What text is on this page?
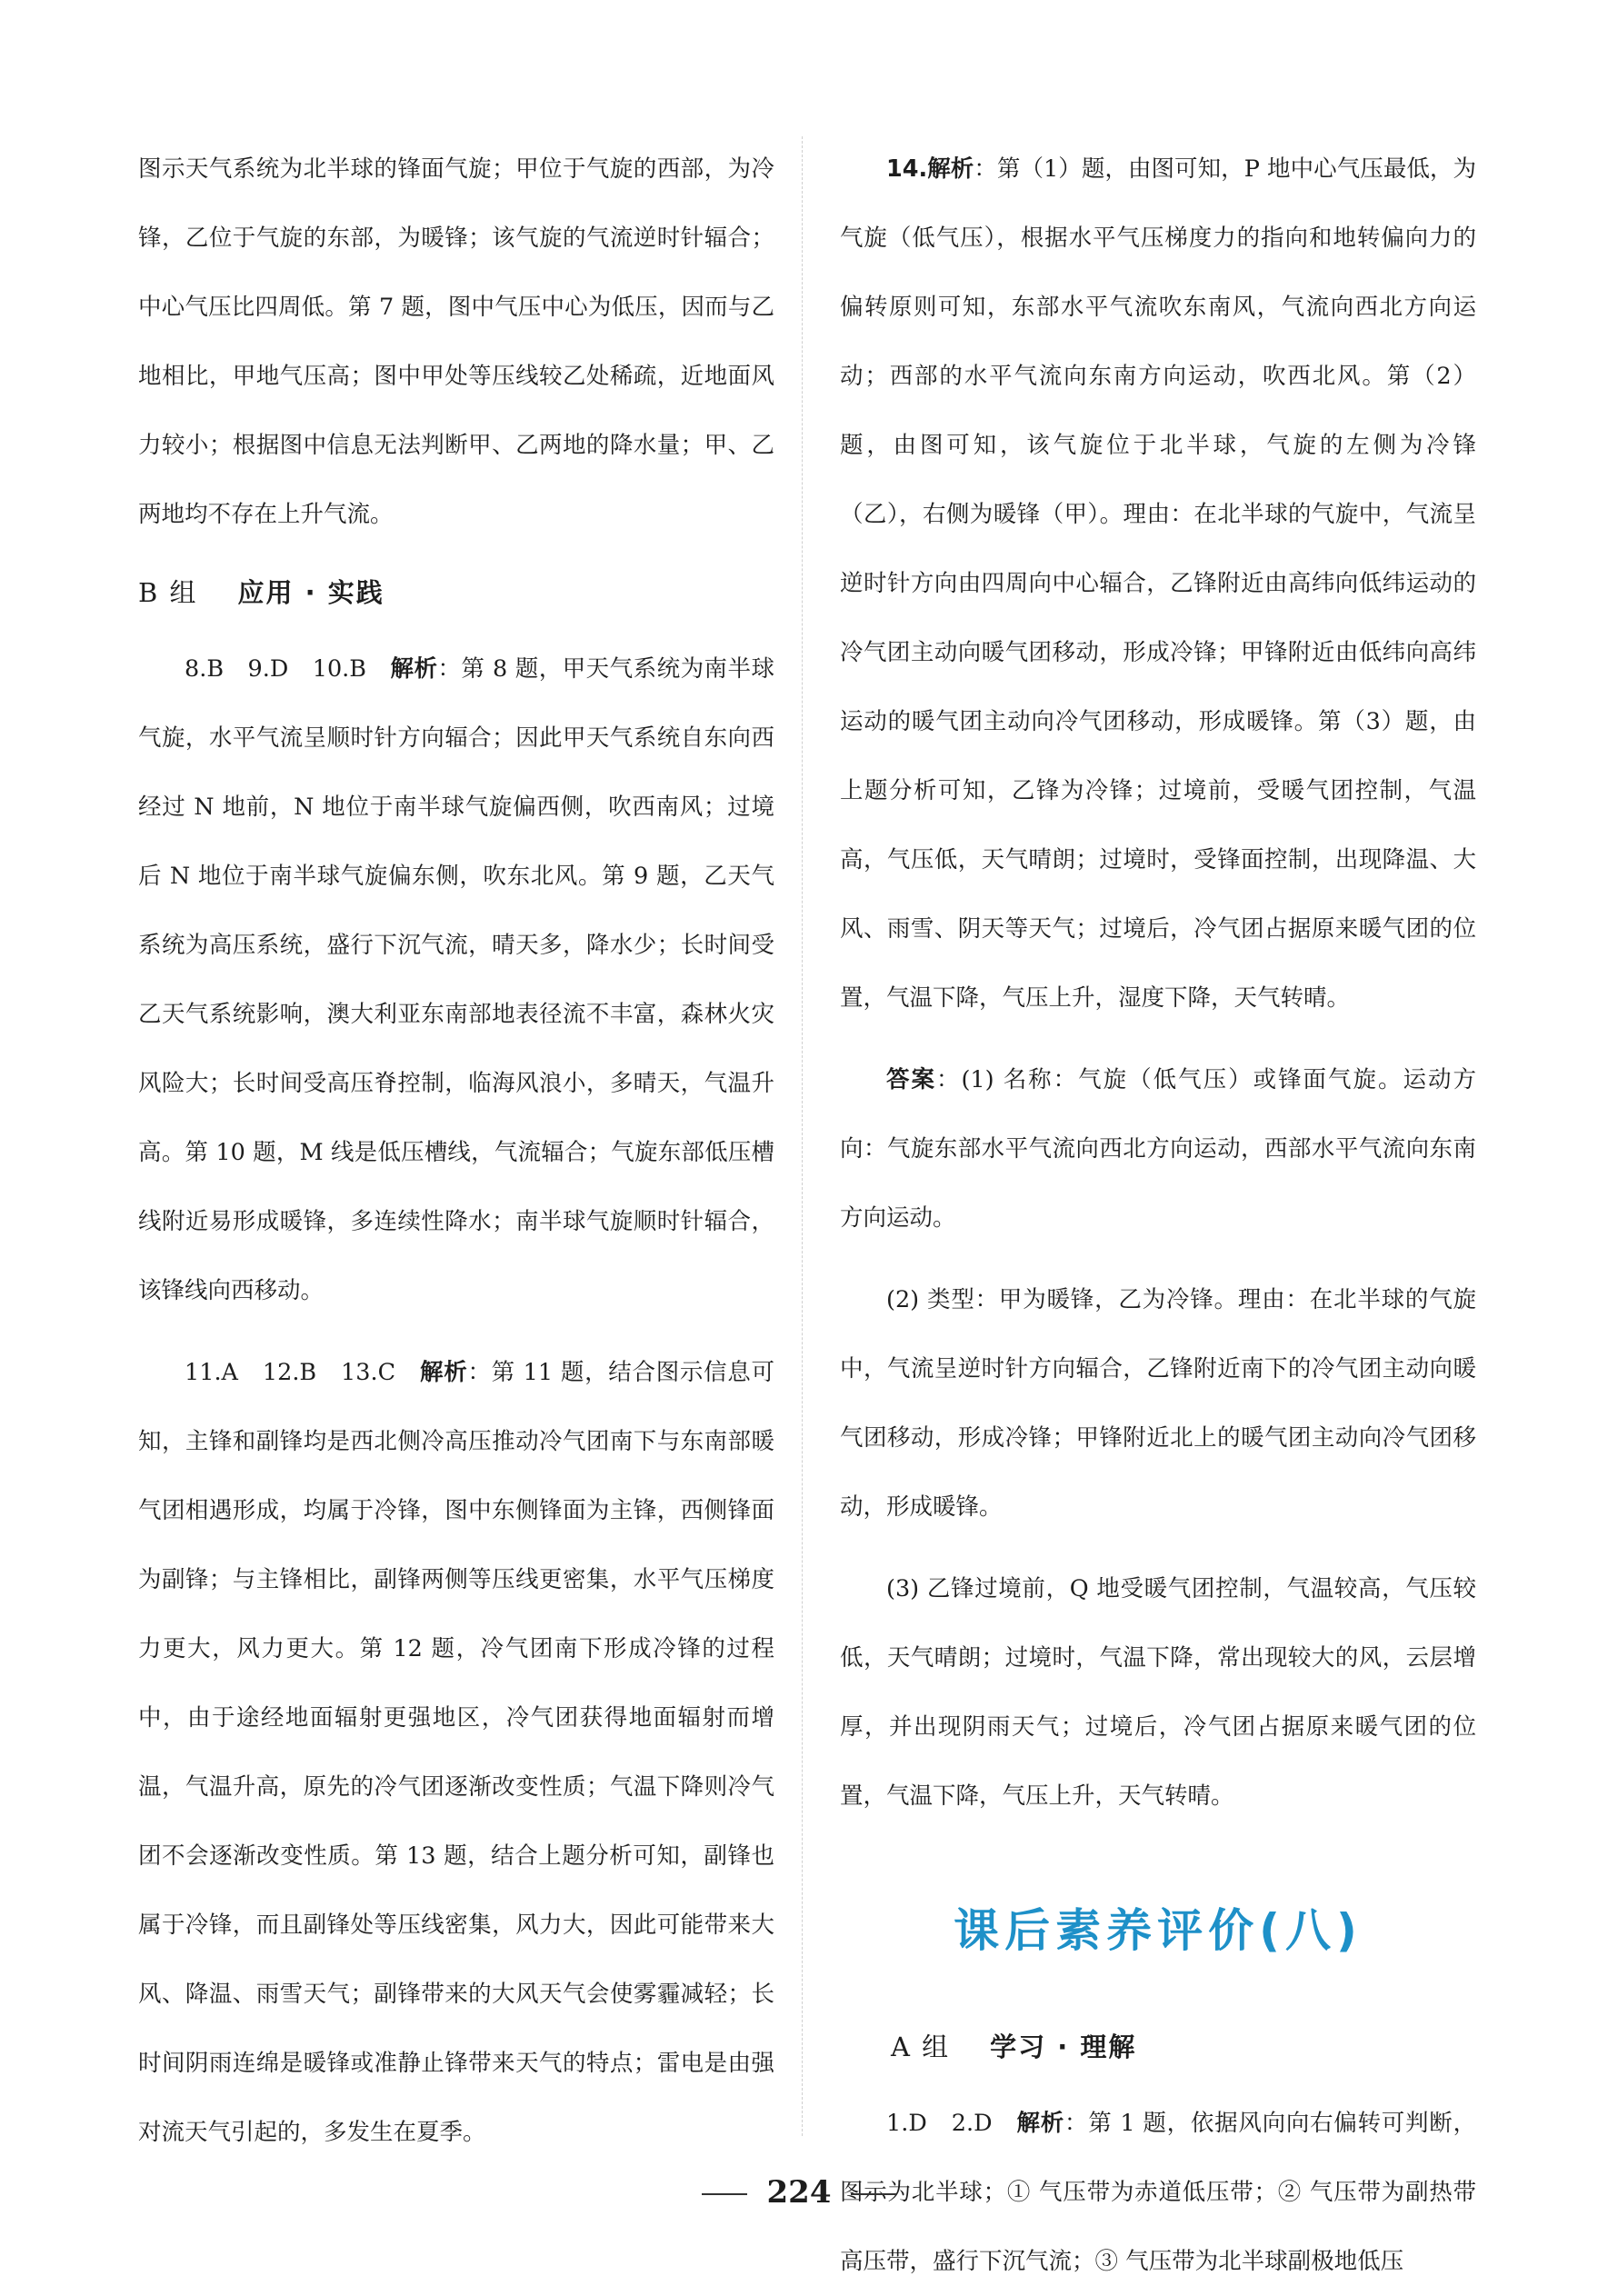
图示天气系统为北半球的锋面气旋；甲位于气旋的西部，为冷锋，乙位于气旋的东部，为暖锋；该气旋的气流逆时针辐合；中心气压比四周低。第 7 题，图中气压中心为低压，因而与乙地相比，甲地气压高；图中甲处等压线较乙处稀疏，近地面风力较小；根据图中信息无法判断甲、乙两地的降水量；甲、乙两地均不存在上升气流。

B 组 应用 · 实践

8.B　9.D　10.B　解析：第 8 题，甲天气系统为南半球气旋，水平气流呈顺时针方向辐合；因此甲天气系统自东向西经过 N 地前，N 地位于南半球气旋偏西侧，吹西南风；过境后 N 地位于南半球气旋偏东侧，吹东北风。第 9 题，乙天气系统为高压系统，盛行下沉气流，晴天多，降水少；长时间受乙天气系统影响，澳大利亚东南部地表径流不丰富，森林火灾风险大；长时间受高压脊控制，临海风浪小，多晴天，气温升高。第 10 题，M 线是低压槽线，气流辐合；气旋东部低压槽线附近易形成暖锋，多连续性降水；南半球气旋顺时针辐合，该锋线向西移动。

11.A　12.B　13.C　解析：第 11 题，结合图示信息可知，主锋和副锋均是西北侧冷高压推动冷气团南下与东南部暖气团相遇形成，均属于冷锋，图中东侧锋面为主锋，西侧锋面为副锋；与主锋相比，副锋两侧等压线更密集，水平气压梯度力更大，风力更大。第 12 题，冷气团南下形成冷锋的过程中，由于途经地面辐射更强地区，冷气团获得地面辐射而增温，气温升高，原先的冷气团逐渐改变性质；气温下降则冷气团不会逐渐改变性质。第 13 题，结合上题分析可知，副锋也属于冷锋，而且副锋处等压线密集，风力大，因此可能带来大风、降温、雨雪天气；副锋带来的大风天气会使雾霾减轻；长时间阴雨连绵是暖锋或准静止锋带来天气的特点；雷电是由强对流天气引起的，多发生在夏季。

14.解析：第（1）题，由图可知，P 地中心气压最低，为气旋（低气压），根据水平气压梯度力的指向和地转偏向力的偏转原则可知，东部水平气流吹东南风，气流向西北方向运动；西部的水平气流向东南方向运动，吹西北风。第（2）题，由图可知，该气旋位于北半球，气旋的左侧为冷锋（乙），右侧为暖锋（甲）。理由：在北半球的气旋中，气流呈逆时针方向由四周向中心辐合，乙锋附近由高纬向低纬运动的冷气团主动向暖气团移动，形成冷锋；甲锋附近由低纬向高纬运动的暖气团主动向冷气团移动，形成暖锋。第（3）题，由上题分析可知，乙锋为冷锋；过境前，受暖气团控制，气温高，气压低，天气晴朗；过境时，受锋面控制，出现降温、大风、雨雪、阴天等天气；过境后，冷气团占据原来暖气团的位置，气温下降，气压上升，湿度下降，天气转晴。

答案：(1) 名称：气旋（低气压）或锋面气旋。运动方向：气旋东部水平气流向西北方向运动，西部水平气流向东南方向运动。

(2) 类型：甲为暖锋，乙为冷锋。理由：在北半球的气旋中，气流呈逆时针方向辐合，乙锋附近南下的冷气团主动向暖气团移动，形成冷锋；甲锋附近北上的暖气团主动向冷气团移动，形成暖锋。

(3) 乙锋过境前，Q 地受暖气团控制，气温较高，气压较低，天气晴朗；过境时，气温下降，常出现较大的风，云层增厚，并出现阴雨天气；过境后，冷气团占据原来暖气团的位置，气温下降，气压上升，天气转晴。

课后素养评价(八)
A 组 学习 · 理解

1.D　2.D　解析：第 1 题，依据风向向右偏转可判断，图示为北半球；① 气压带为赤道低压带；② 气压带为副热带高压带，盛行下沉气流；③ 气压带为北半球副极地低压

224
